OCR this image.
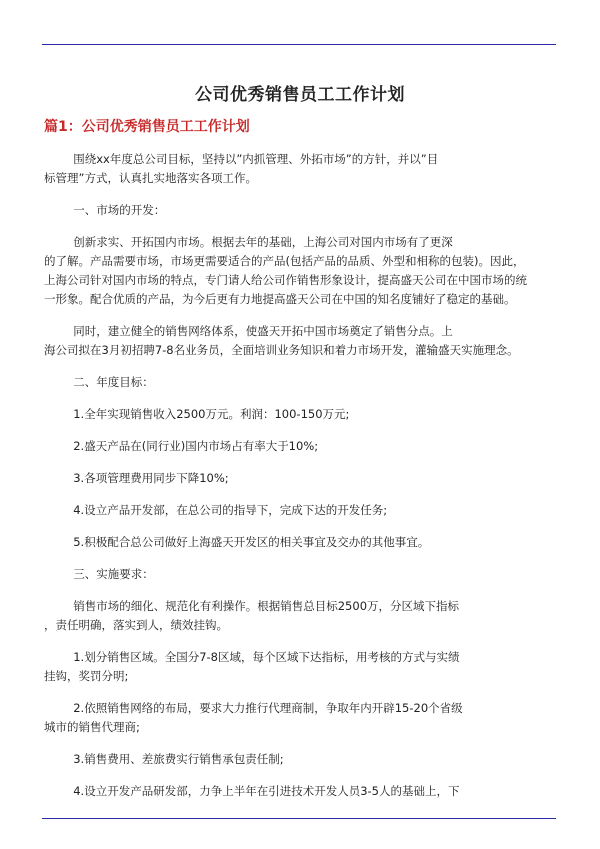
公司优秀销售员工工作计划
篇1：公司优秀销售员工工作计划

围绕xx年度总公司目标，坚持以”内抓管理、外拓市场”的方针，并以”目

标管理”方式，认真扎实地落实各项工作。

一、市场的开发：

创新求实、开拓国内市场。根据去年的基础，上海公司对国内市场有了更深

的了解。产品需要市场，市场更需要适合的产品(包括产品的品质、外型和相称的包装)。因此，

上海公司针对国内市场的特点，专门请人给公司作销售形象设计，提高盛天公司在中国市场的统

一形象。配合优质的产品，为今后更有力地提高盛天公司在中国的知名度铺好了稳定的基础。

同时，建立健全的销售网络体系，使盛天开拓中国市场奠定了销售分点。上

海公司拟在3月初招聘7-8名业务员，全面培训业务知识和着力市场开发，灌输盛天实施理念。

二、年度目标：

1.全年实现销售收入2500万元。利润：100-150万元;

2.盛天产品在(同行业)国内市场占有率大于10%;

3.各项管理费用同步下降10%;

4.设立产品开发部，在总公司的指导下，完成下达的开发任务;

5.积极配合总公司做好上海盛天开发区的相关事宜及交办的其他事宜。

三、实施要求：

销售市场的细化、规范化有利操作。根据销售总目标2500万，分区域下指标

，责任明确，落实到人，绩效挂钩。

1.划分销售区域。全国分7-8区域，每个区域下达指标，用考核的方式与实绩

挂钩，奖罚分明;

2.依照销售网络的布局，要求大力推行代理商制，争取年内开辟15-20个省级

城市的销售代理商;

3.销售费用、差旅费实行销售承包责任制;

4.设立开发产品研发部，力争上半年在引进技术开发人员3-5人的基础上，下
